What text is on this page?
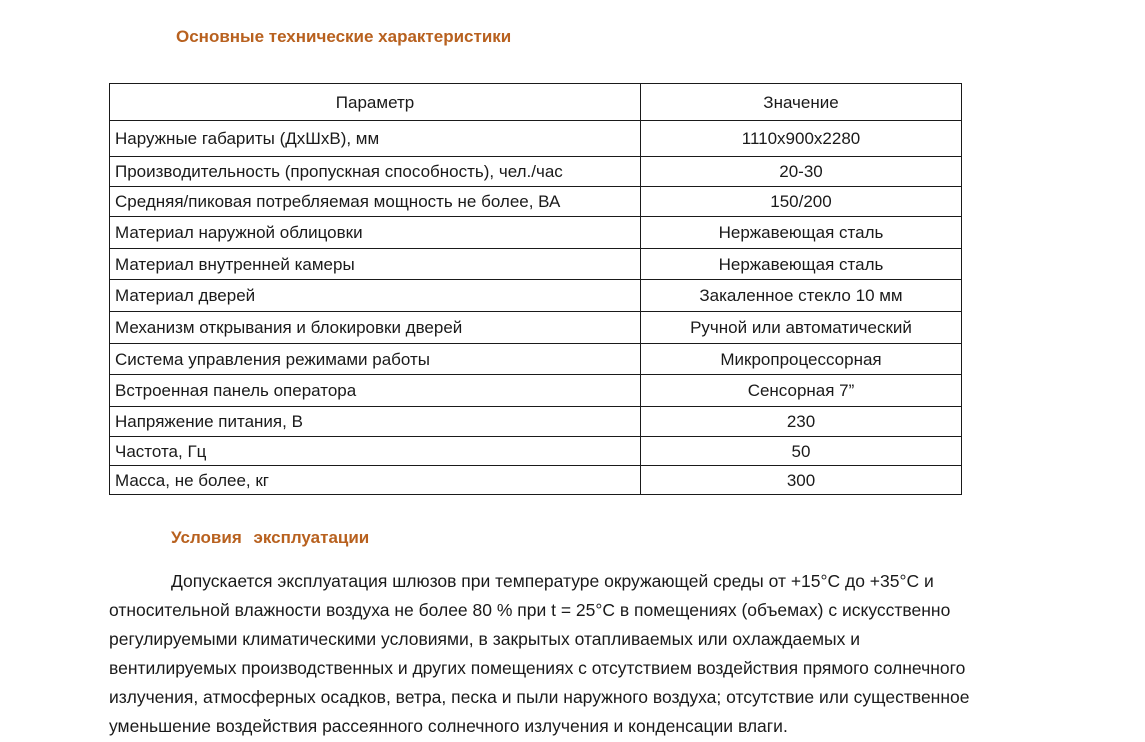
Основные технические характеристики
Параметр	Значение
Наружные габариты (ДхШхВ), мм	1110х900х2280
Производительность (пропускная способность), чел./час	20-30
Средняя/пиковая потребляемая мощность не более, ВА	150/200
Материал наружной облицовки	Нержавеющая сталь
Материал внутренней камеры	Нержавеющая сталь
Материал дверей	Закаленное стекло 10 мм
Механизм открывания и блокировки дверей	Ручной или автоматический
Система управления режимами работы	Микропроцессорная
Встроенная панель оператора	Сенсорная 7”
Напряжение питания, В	230
Частота, Гц	50
Масса, не более, кг	300
Условия эксплуатации

Допускается эксплуатация шлюзов при температуре окружающей среды от +15°С до +35°С и
относительной влажности воздуха не более 80 % при t = 25°С в помещениях (объемах) с искусственно
регулируемыми климатическими условиями, в закрытых отапливаемых или охлаждаемых и
вентилируемых производственных и других помещениях с отсутствием воздействия прямого солнечного
излучения, атмосферных осадков, ветра, песка и пыли наружного воздуха; отсутствие или существенное
уменьшение воздействия рассеянного солнечного излучения и конденсации влаги.
